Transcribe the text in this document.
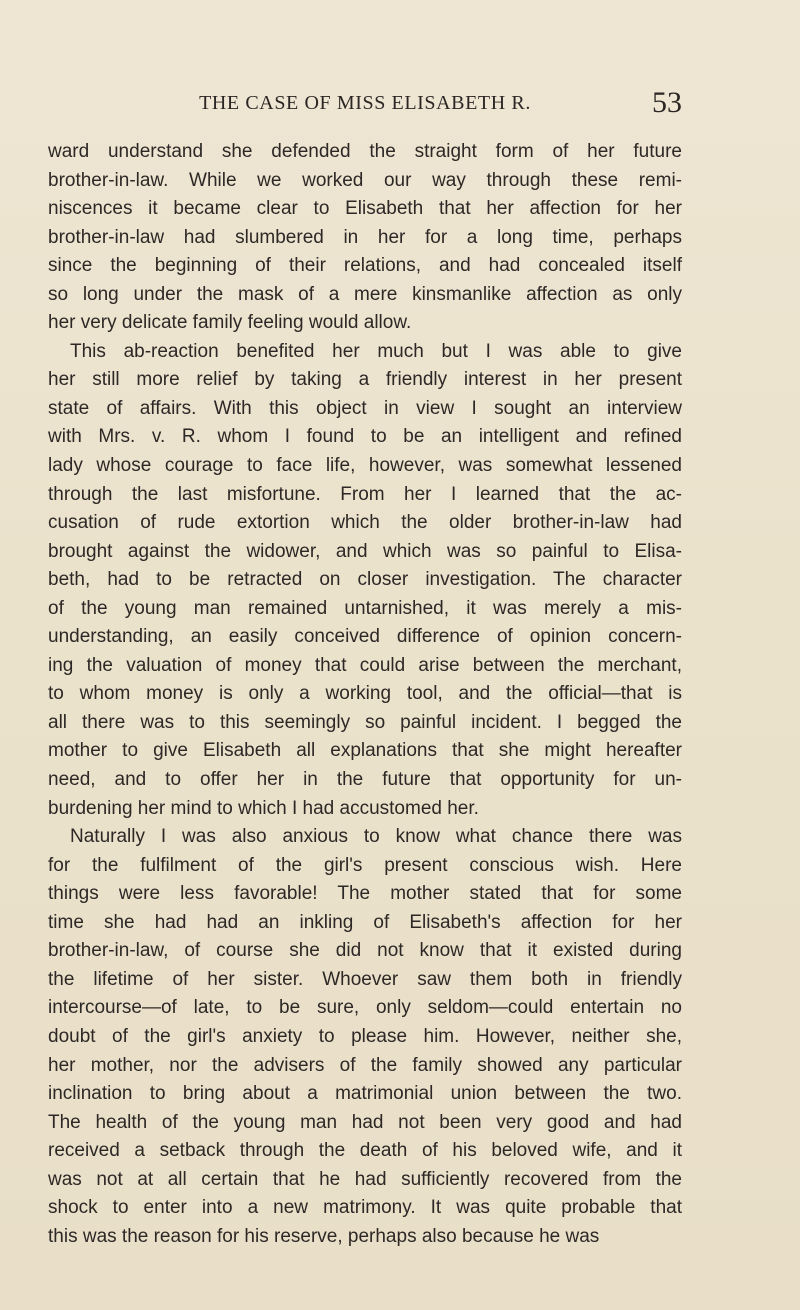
THE CASE OF MISS ELISABETH R.	53
ward understand she defended the straight form of her future
brother-in-law. While we worked our way through these remi-
niscences it became clear to Elisabeth that her affection for her
brother-in-law had slumbered in her for a long time, perhaps
since the beginning of their relations, and had concealed itself
so long under the mask of a mere kinsmanlike affection as only
her very delicate family feeling would allow.
This ab-reaction benefited her much but I was able to give
her still more relief by taking a friendly interest in her present
state of affairs. With this object in view I sought an interview
with Mrs. v. R. whom I found to be an intelligent and refined
lady whose courage to face life, however, was somewhat lessened
through the last misfortune. From her I learned that the ac-
cusation of rude extortion which the older brother-in-law had
brought against the widower, and which was so painful to Elisa-
beth, had to be retracted on closer investigation. The character
of the young man remained untarnished, it was merely a mis-
understanding, an easily conceived difference of opinion concern-
ing the valuation of money that could arise between the merchant,
to whom money is only a working tool, and the official—that is
all there was to this seemingly so painful incident. I begged the
mother to give Elisabeth all explanations that she might hereafter
need, and to offer her in the future that opportunity for un-
burdening her mind to which I had accustomed her.
Naturally I was also anxious to know what chance there was
for the fulfilment of the girl's present conscious wish. Here
things were less favorable! The mother stated that for some
time she had had an inkling of Elisabeth's affection for her
brother-in-law, of course she did not know that it existed during
the lifetime of her sister. Whoever saw them both in friendly
intercourse—of late, to be sure, only seldom—could entertain no
doubt of the girl's anxiety to please him. However, neither she,
her mother, nor the advisers of the family showed any particular
inclination to bring about a matrimonial union between the two.
The health of the young man had not been very good and had
received a setback through the death of his beloved wife, and it
was not at all certain that he had sufficiently recovered from the
shock to enter into a new matrimony. It was quite probable that
this was the reason for his reserve, perhaps also because he was
